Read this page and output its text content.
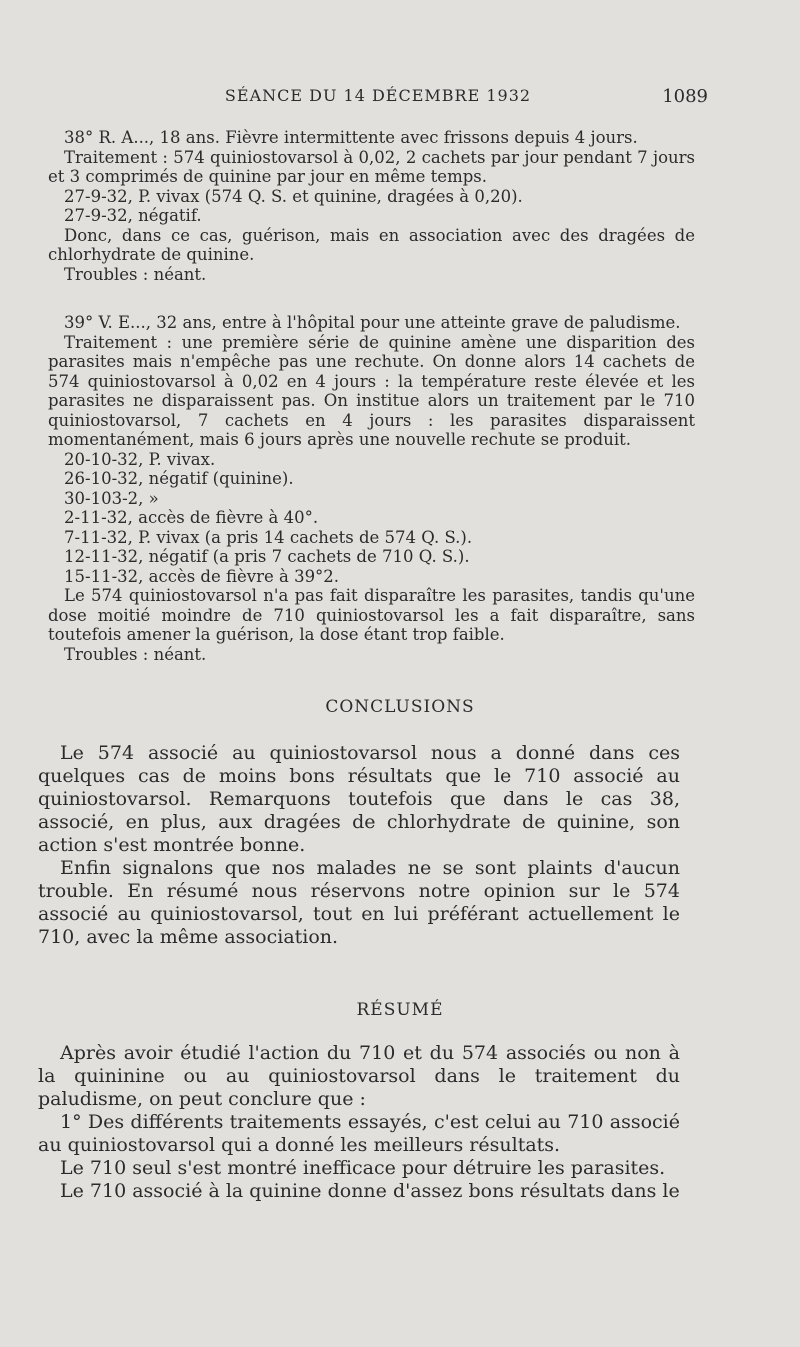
SÉANCE DU 14 DÉCEMBRE 1932	1089

38° R. A..., 18 ans. Fièvre intermittente avec frissons depuis 4 jours.

Traitement : 574 quiniostovarsol à 0,02, 2 cachets par jour pendant 7 jours et 3 comprimés de quinine par jour en même temps.

27-9-32, P. vivax (574 Q. S. et quinine, dragées à 0,20).

27-9-32, négatif.

Donc, dans ce cas, guérison, mais en association avec des dragées de chlorhydrate de quinine.

Troubles : néant.

39° V. E..., 32 ans, entre à l'hôpital pour une atteinte grave de paludisme.

Traitement : une première série de quinine amène une disparition des parasites mais n'empêche pas une rechute. On donne alors 14 cachets de 574 quiniostovarsol à 0,02 en 4 jours : la température reste élevée et les parasites ne disparaissent pas. On institue alors un traitement par le 710 quiniostovarsol, 7 cachets en 4 jours : les parasites disparaissent momentanément, mais 6 jours après une nouvelle rechute se produit.

20-10-32, P. vivax.

26-10-32, négatif (quinine).

30-103-2, »

2-11-32, accès de fièvre à 40°.

7-11-32, P. vivax (a pris 14 cachets de 574 Q. S.).

12-11-32, négatif (a pris 7 cachets de 710 Q. S.).

15-11-32, accès de fièvre à 39°2.

Le 574 quiniostovarsol n'a pas fait disparaître les parasites, tandis qu'une dose moitié moindre de 710 quiniostovarsol les a fait disparaître, sans toutefois amener la guérison, la dose étant trop faible.

Troubles : néant.

CONCLUSIONS

Le 574 associé au quiniostovarsol nous a donné dans ces quelques cas de moins bons résultats que le 710 associé au quiniostovarsol. Remarquons toutefois que dans le cas 38, associé, en plus, aux dragées de chlorhydrate de quinine, son action s'est montrée bonne.

Enfin signalons que nos malades ne se sont plaints d'aucun trouble. En résumé nous réservons notre opinion sur le 574 associé au quiniostovarsol, tout en lui préférant actuellement le 710, avec la même association.

RÉSUMÉ

Après avoir étudié l'action du 710 et du 574 associés ou non à la quininine ou au quiniostovarsol dans le traitement du paludisme, on peut conclure que :

1° Des différents traitements essayés, c'est celui au 710 associé au quiniostovarsol qui a donné les meilleurs résultats.

Le 710 seul s'est montré inefficace pour détruire les parasites.

Le 710 associé à la quinine donne d'assez bons résultats dans le
